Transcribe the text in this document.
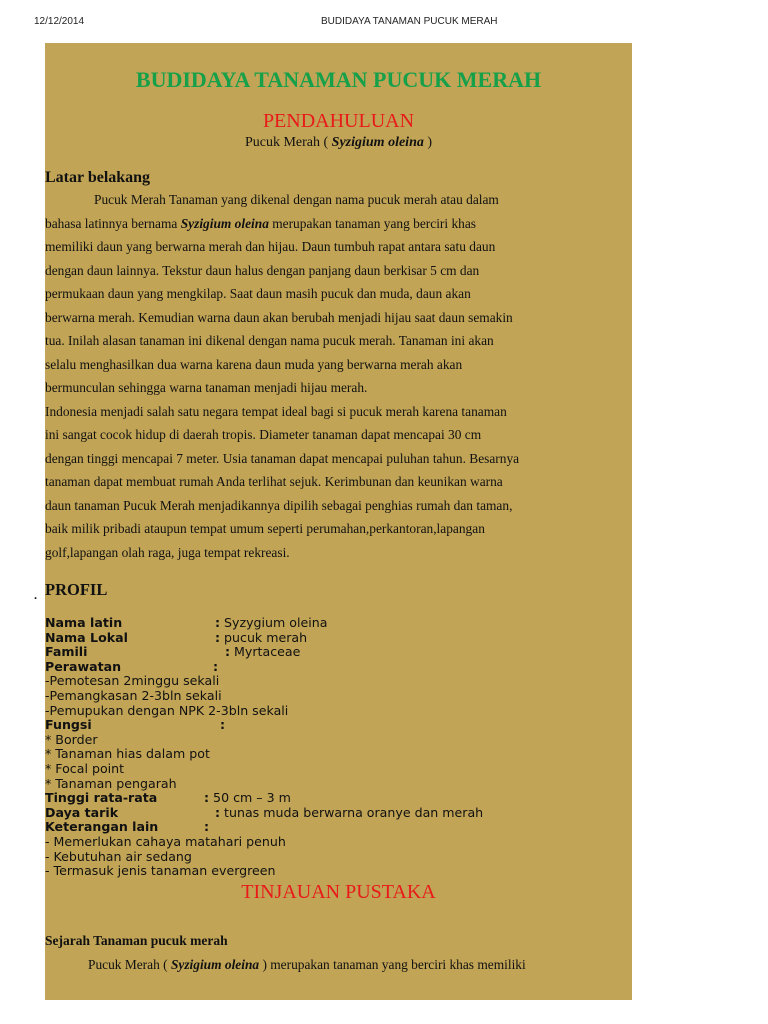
12/12/2014	BUDIDAYA TANAMAN PUCUK MERAH
BUDIDAYA TANAMAN PUCUK MERAH
PENDAHULUAN
Pucuk Merah ( Syzigium oleina )
Latar belakang
Pucuk Merah Tanaman yang dikenal dengan nama pucuk merah atau dalam
bahasa latinnya bernama Syzigium oleina merupakan tanaman yang berciri khas
memiliki daun yang berwarna merah dan hijau. Daun tumbuh rapat antara satu daun
dengan daun lainnya. Tekstur daun halus dengan panjang daun berkisar 5 cm dan
permukaan daun yang mengkilap. Saat daun masih pucuk dan muda, daun akan
berwarna merah. Kemudian warna daun akan berubah menjadi hijau saat daun semakin
tua. Inilah alasan tanaman ini dikenal dengan nama pucuk merah. Tanaman ini akan
selalu menghasilkan dua warna karena daun muda yang berwarna merah akan
bermunculan sehingga warna tanaman menjadi hijau merah.
Indonesia menjadi salah satu negara tempat ideal bagi si pucuk merah karena tanaman
ini sangat cocok hidup di daerah tropis. Diameter tanaman dapat mencapai 30 cm
dengan tinggi mencapai 7 meter. Usia tanaman dapat mencapai puluhan tahun. Besarnya
tanaman dapat membuat rumah Anda terlihat sejuk. Kerimbunan dan keunikan warna
daun tanaman Pucuk Merah menjadikannya dipilih sebagai penghias rumah dan taman,
baik milik pribadi ataupun tempat umum seperti perumahan,perkantoran,lapangan
golf,lapangan olah raga, juga tempat rekreasi.
PROFIL
Nama latin	: Syzygium oleina
Nama Lokal	: pucuk merah
Famili	: Myrtaceae
Perawatan	:
-Pemotesan 2minggu sekali
-Pemangkasan 2-3bln sekali
-Pemupukan dengan NPK 2-3bln sekali
Fungsi	:
* Border
* Tanaman hias dalam pot
* Focal point
* Tanaman pengarah
Tinggi rata-rata	: 50 cm – 3 m
Daya tarik	: tunas muda berwarna oranye dan merah
Keterangan lain	:
- Memerlukan cahaya matahari penuh
- Kebutuhan air sedang
- Termasuk jenis tanaman evergreen
TINJAUAN PUSTAKA
Sejarah Tanaman pucuk merah
Pucuk Merah ( Syzigium oleina ) merupakan tanaman yang berciri khas memiliki
.
